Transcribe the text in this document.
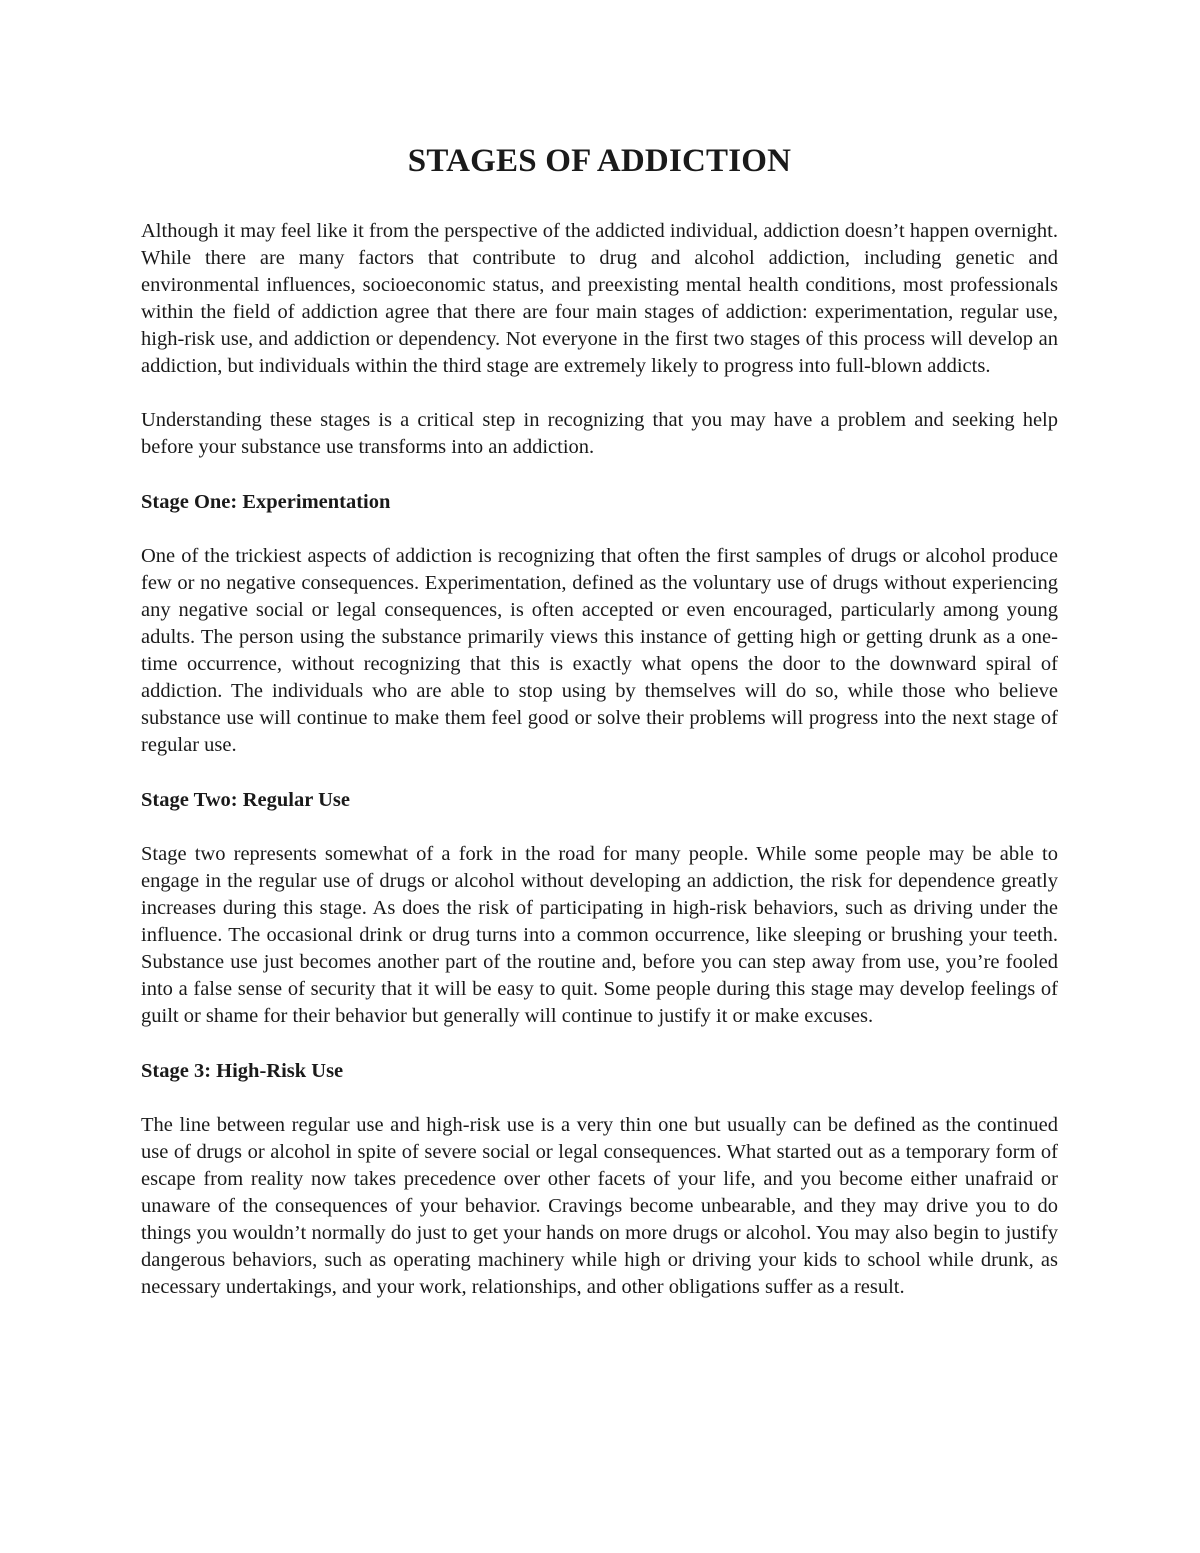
STAGES OF ADDICTION

Although it may feel like it from the perspective of the addicted individual, addiction doesn’t happen overnight. While there are many factors that contribute to drug and alcohol addiction, including genetic and environmental influences, socioeconomic status, and preexisting mental health conditions, most professionals within the field of addiction agree that there are four main stages of addiction: experimentation, regular use, high-risk use, and addiction or dependency. Not everyone in the first two stages of this process will develop an addiction, but individuals within the third stage are extremely likely to progress into full-blown addicts.

Understanding these stages is a critical step in recognizing that you may have a problem and seeking help before your substance use transforms into an addiction.

Stage One: Experimentation

One of the trickiest aspects of addiction is recognizing that often the first samples of drugs or alcohol produce few or no negative consequences. Experimentation, defined as the voluntary use of drugs without experiencing any negative social or legal consequences, is often accepted or even encouraged, particularly among young adults. The person using the substance primarily views this instance of getting high or getting drunk as a one-time occurrence, without recognizing that this is exactly what opens the door to the downward spiral of addiction. The individuals who are able to stop using by themselves will do so, while those who believe substance use will continue to make them feel good or solve their problems will progress into the next stage of regular use.

Stage Two: Regular Use

Stage two represents somewhat of a fork in the road for many people. While some people may be able to engage in the regular use of drugs or alcohol without developing an addiction, the risk for dependence greatly increases during this stage. As does the risk of participating in high-risk behaviors, such as driving under the influence. The occasional drink or drug turns into a common occurrence, like sleeping or brushing your teeth. Substance use just becomes another part of the routine and, before you can step away from use, you’re fooled into a false sense of security that it will be easy to quit. Some people during this stage may develop feelings of guilt or shame for their behavior but generally will continue to justify it or make excuses.

Stage 3: High-Risk Use

The line between regular use and high-risk use is a very thin one but usually can be defined as the continued use of drugs or alcohol in spite of severe social or legal consequences. What started out as a temporary form of escape from reality now takes precedence over other facets of your life, and you become either unafraid or unaware of the consequences of your behavior. Cravings become unbearable, and they may drive you to do things you wouldn’t normally do just to get your hands on more drugs or alcohol. You may also begin to justify dangerous behaviors, such as operating machinery while high or driving your kids to school while drunk, as necessary undertakings, and your work, relationships, and other obligations suffer as a result.
